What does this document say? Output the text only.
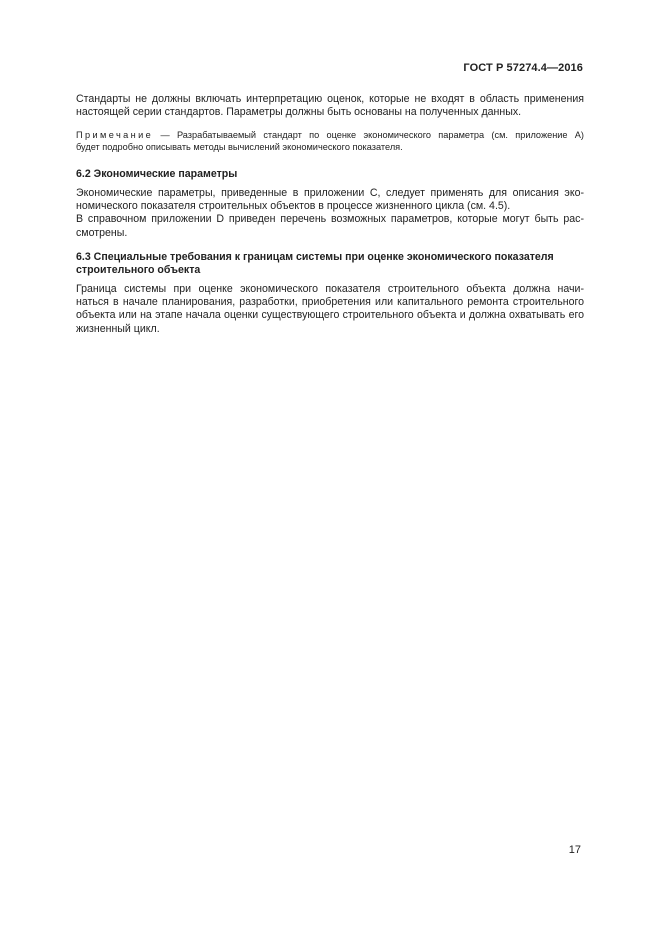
ГОСТ Р 57274.4—2016

Стандарты не должны включать интерпретацию оценок, которые не входят в область применения
настоящей серии стандартов. Параметры должны быть основаны на полученных данных.

Примечание — Разрабатываемый стандарт по оценке экономического параметра (см. приложение А)
будет подробно описывать методы вычислений экономического показателя.

6.2 Экономические параметры

Экономические параметры, приведенные в приложении С, следует применять для описания эко-
номического показателя строительных объектов в процессе жизненного цикла (см. 4.5).

В справочном приложении D приведен перечень возможных параметров, которые могут быть рас-
смотрены.

6.3 Специальные требования к границам системы при оценке экономического показателя
строительного объекта

Граница системы при оценке экономического показателя строительного объекта должна начи-
наться в начале планирования, разработки, приобретения или капитального ремонта строительного
объекта или на этапе начала оценки существующего строительного объекта и должна охватывать его
жизненный цикл.

17
